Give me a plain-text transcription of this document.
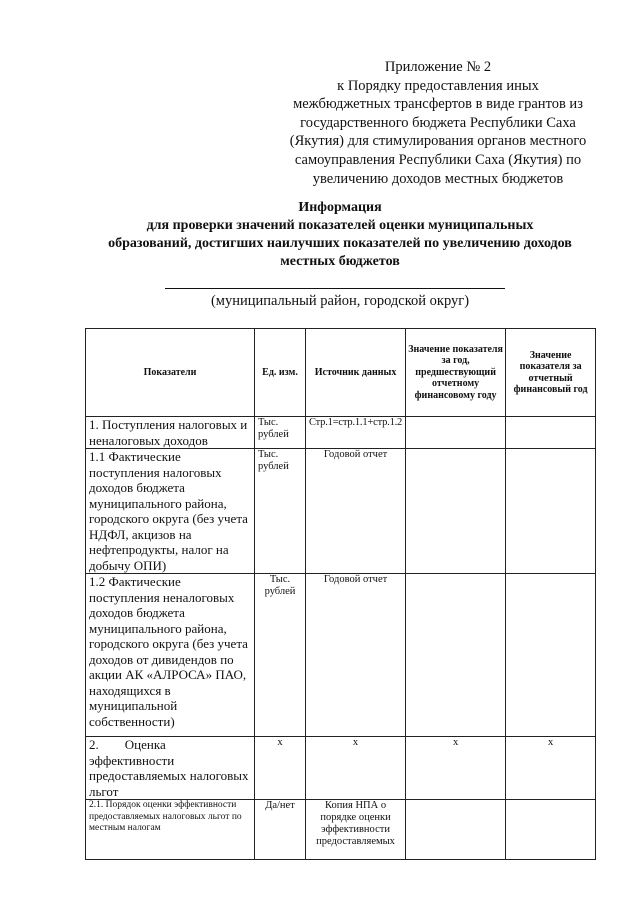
Приложение № 2
к Порядку предоставления иных
межбюджетных трансфертов в виде грантов из
государственного бюджета Республики Саха
(Якутия) для стимулирования органов местного
самоуправления Республики Саха (Якутия) по
увеличению доходов местных бюджетов
Информация
для проверки значений показателей оценки муниципальных
образований, достигших наилучших показателей по увеличению доходов
местных бюджетов
(муниципальный район, городской округ)
Показатели	Ед. изм.	Источник данных	Значение показателя за год, предшествующий отчетному финансовому году	Значение показателя за отчетный финансовый год
1. Поступления налоговых и неналоговых доходов	Тыс. рублей	Стр.1=стр.1.1+стр.1.2		
1.1 Фактические поступления налоговых доходов бюджета муниципального района, городского округа (без учета НДФЛ, акцизов на нефтепродукты, налог на добычу ОПИ)	Тыс. рублей	Годовой отчет		
1.2 Фактические поступления неналоговых доходов бюджета муниципального района, городского округа (без учета доходов от дивидендов по акции АК «АЛРОСА» ПАО, находящихся в муниципальной собственности)	Тыс. рублей	Годовой отчет		
2.        Оценка эффективности предоставляемых налоговых льгот	х	х	х	х
2.1. Порядок оценки эффективности предоставляемых налоговых льгот по местным налогам	Да/нет	Копия НПА о порядке оценки эффективности предоставляемых		
